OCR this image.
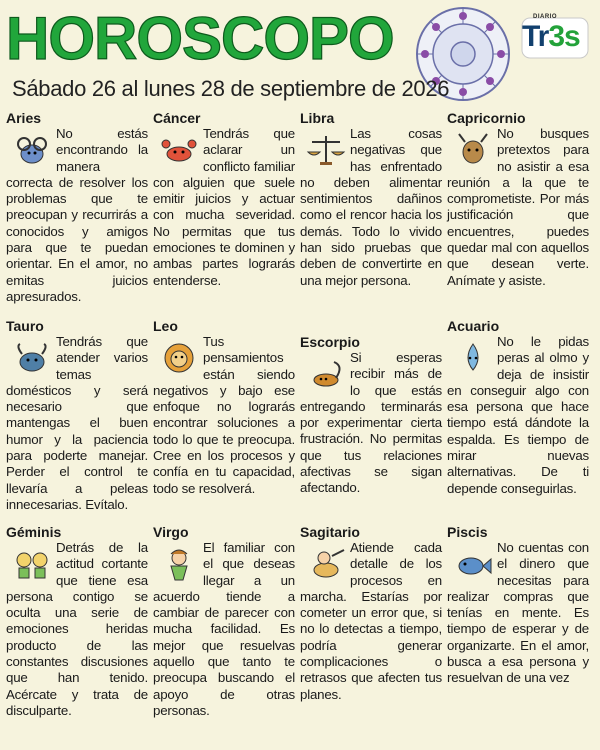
HOROSCOPO	DIARIO
Tr3s
Sábado 26 al lunes 28 de septiembre de 2026

Aries

No estás encontrando la manera correcta de resolver los problemas que te preocupan y recurrirás a conocidos y amigos para que te puedan orientar. En el amor, no emitas juicios apresurados.

Cáncer

Tendrás que aclarar un conflicto familiar con alguien que suele emitir juicios y actuar con mucha severidad. No permitas que tus emociones te dominen y ambas partes lograrás entenderse.

Libra

Las cosas negativas que has enfrentado no deben alimentar sentimientos dañinos como el rencor hacia los demás. Todo lo vivido han sido pruebas que deben de convertirte en una mejor persona.

Capricornio

No busques pretextos para no asistir a esa reunión a la que te comprometiste. Por más justificación que encuentres, puedes quedar mal con aquellos que desean verte. Anímate y asiste.

Tauro

Tendrás que atender varios temas domésticos y será necesario que mantengas el buen humor y la paciencia para poderte manejar. Perder el control te llevaría a peleas innecesarias. Evítalo.

Leo

Tus pensamientos están siendo negativos y bajo ese enfoque no lograrás encontrar soluciones a todo lo que te preocupa. Cree en los procesos y confía en tu capacidad, todo se resolverá.

Escorpio

Si esperas recibir más de lo que estás entregando terminarás por experimentar cierta frustración. No permitas que tus relaciones afectivas se sigan afectando.

Acuario

No le pidas peras al olmo y deja de insistir en conseguir algo con esa persona que hace tiempo está dándote la espalda. Es tiempo de mirar nuevas alternativas. De ti depende conseguirlas.

Géminis

Detrás de la actitud cortante que tiene esa persona contigo se oculta una serie de emociones heridas producto de las constantes discusiones que han tenido. Acércate y trata de disculparte.

Virgo

El familiar con el que deseas llegar a un acuerdo tiende a cambiar de parecer con mucha facilidad. Es mejor que resuelvas aquello que tanto te preocupa buscando el apoyo de otras personas.

Sagitario

Atiende cada detalle de los procesos en marcha. Estarías por cometer un error que, si no lo detectas a tiempo, podría generar complicaciones o retrasos que afecten tus planes.

Piscis

No cuentas con el dinero que necesitas para realizar compras que tenías en mente. Es tiempo de esperar y de organizarte. En el amor, busca a esa persona y resuelvan de una vez
